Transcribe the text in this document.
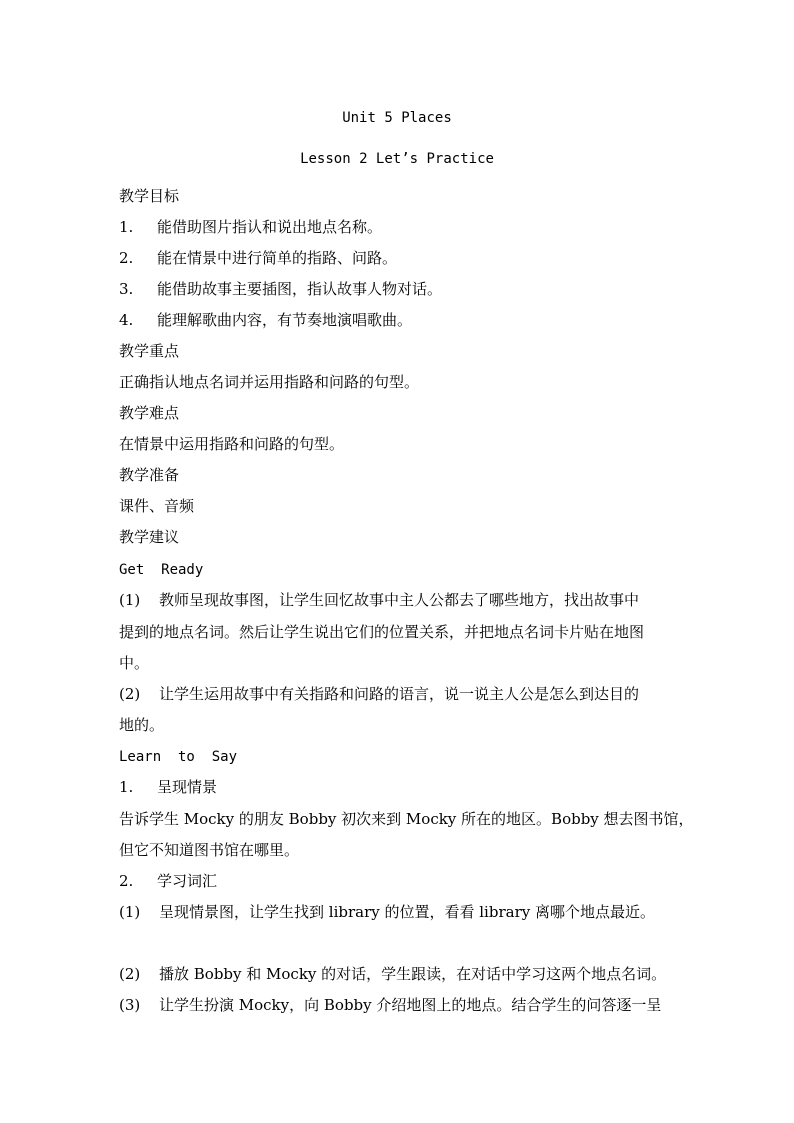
Unit 5 Places
Lesson 2 Let’s Practice
教学目标
1. 能借助图片指认和说出地点名称。
2. 能在情景中进行简单的指路、问路。
3. 能借助故事主要插图，指认故事人物对话。
4. 能理解歌曲内容，有节奏地演唱歌曲。
教学重点
正确指认地点名词并运用指路和问路的句型。
教学难点
在情景中运用指路和问路的句型。
教学准备
课件、音频
教学建议
Get  Ready
(1) 教师呈现故事图，让学生回忆故事中主人公都去了哪些地方，找出故事中
提到的地点名词。然后让学生说出它们的位置关系，并把地点名词卡片贴在地图
中。
(2) 让学生运用故事中有关指路和问路的语言，说一说主人公是怎么到达目的
地的。
Learn  to  Say
1. 呈现情景
告诉学生 Mocky 的朋友 Bobby 初次来到 Mocky 所在的地区。Bobby 想去图书馆，
但它不知道图书馆在哪里。
2. 学习词汇
(1) 呈现情景图，让学生找到 library 的位置，看看 library 离哪个地点最近。
(2) 播放 Bobby 和 Mocky 的对话，学生跟读，在对话中学习这两个地点名词。
(3) 让学生扮演 Mocky，向 Bobby 介绍地图上的地点。结合学生的问答逐一呈
